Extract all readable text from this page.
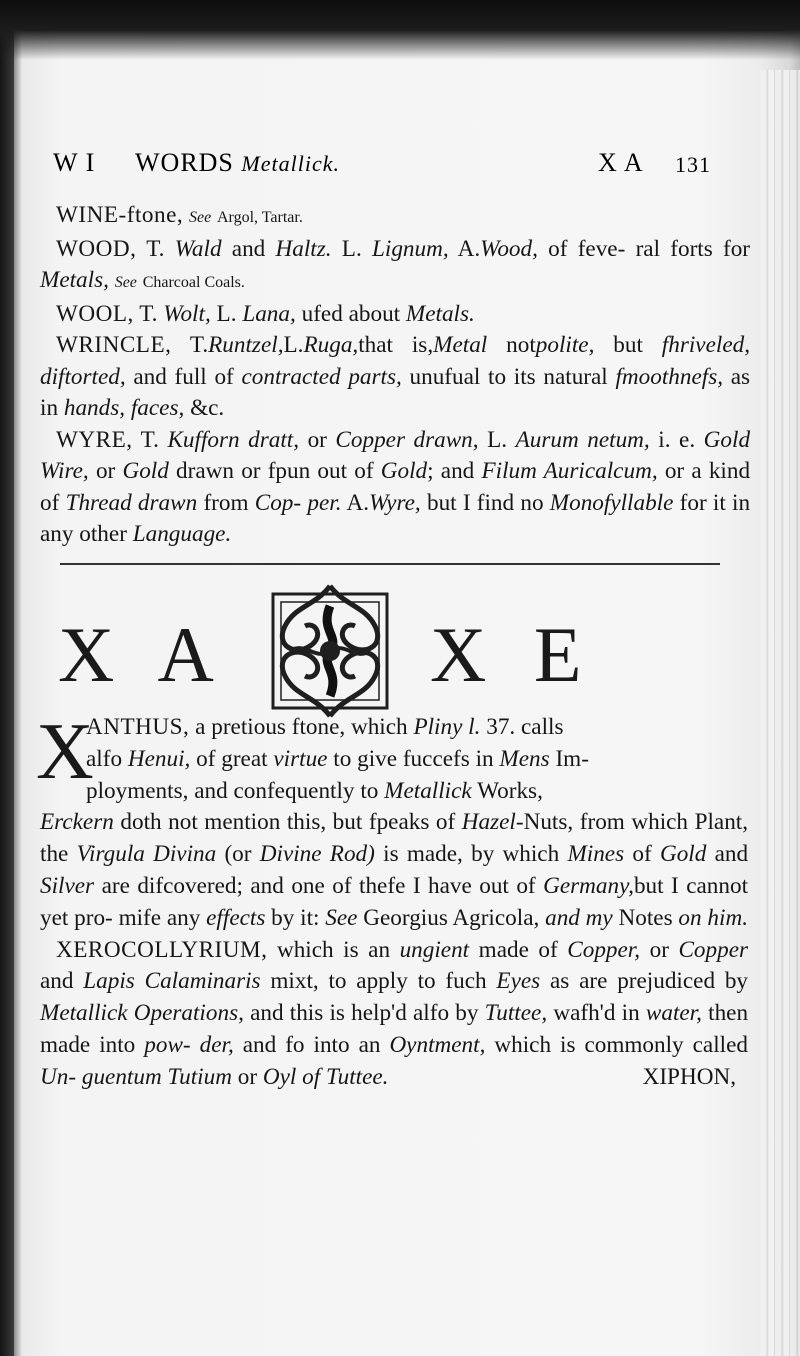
W I WORDS Metallick.	X A 131

WINE-ftone, See Argol, Tartar.

WOOD, T. Wald and Haltz. L. Lignum, A.Wood, of feve- ral forts for Metals, See Charcoal Coals.

WOOL, T. Wolt, L. Lana, ufed about Metals.

WRINCLE, T.Runtzel,L.Ruga,that is,Metal notpolite, but fhriveled, diftorted, and full of contracted parts, unufual to its natural fmoothnefs, as in hands, faces, &c.

WYRE, T. Kufforn dratt, or Copper drawn, L. Aurum netum, i. e. Gold Wire, or Gold drawn or fpun out of Gold; and Filum Auricalcum, or a kind of Thread drawn from Cop- per. A.Wyre, but I find no Monofyllable for it in any other Language.

X A	X E
X
ANTHUS, a pretious ftone, which Pliny l. 37. calls
alfo Henui, of great virtue to give fuccefs in Mens Im-
ployments, and confequently to Metallick Works,
Erckern doth not mention this, but fpeaks of Hazel-Nuts, from which Plant, the Virgula Divina (or Divine Rod) is made, by which Mines of Gold and Silver are difcovered; and one of thefe I have out of Germany,but I cannot yet pro- mife any effects by it: See Georgius Agricola, and my Notes on him.
XEROCOLLYRIUM, which is an ungient made of Copper, or Copper and Lapis Calaminaris mixt, to apply to fuch Eyes as are prejudiced by Metallick Operations, and this is help'd alfo by Tuttee, wafh'd in water, then made into pow- der, and fo into an Oyntment, which is commonly called Un- guentum Tutium or Oyl of Tuttee.	XIPHON,
